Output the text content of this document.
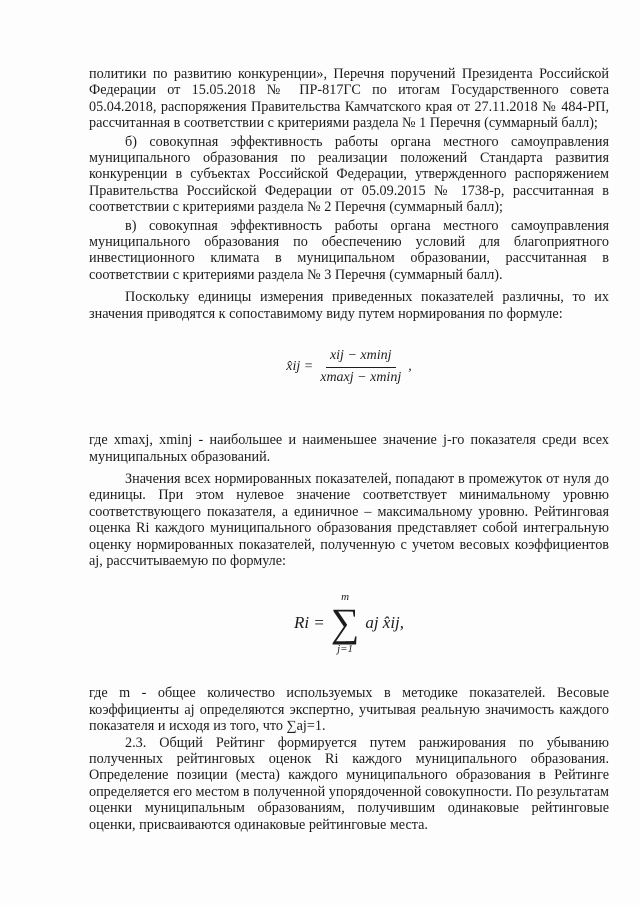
политики по развитию конкуренции», Перечня поручений Президента Российской Федерации от 15.05.2018 № ПР-817ГС по итогам Государственного совета 05.04.2018, распоряжения Правительства Камчатского края от 27.11.2018 № 484-РП, рассчитанная в соответствии с критериями раздела № 1 Перечня (суммарный балл);

б) совокупная эффективность работы органа местного самоуправления муниципального образования по реализации положений Стандарта развития конкуренции в субъектах Российской Федерации, утвержденного распоряжением Правительства Российской Федерации от 05.09.2015 № 1738-р, рассчитанная в соответствии с критериями раздела № 2 Перечня (суммарный балл);

в) совокупная эффективность работы органа местного самоуправления муниципального образования по обеспечению условий для благоприятного инвестиционного климата в муниципальном образовании, рассчитанная в соответствии с критериями раздела № 3 Перечня (суммарный балл).

Поскольку единицы измерения приведенных показателей различны, то их значения приводятся к сопоставимому виду путем нормирования по формуле:

x̂ij = $\frac{\text{xij − xminj}}{xmaxj - xminj}$ ,

где xmaxj, xminj - наибольшее и наименьшее значение j-го показателя среди всех муниципальных образований.

Значения всех нормированных показателей, попадают в промежуток от нуля до единицы. При этом нулевое значение соответствует минимальному уровню соответствующего показателя, а единичное – максимальному уровню. Рейтинговая оценка Ri каждого муниципального образования представляет собой интегральную оценку нормированных показателей, полученную с учетом весовых коэффициентов aj, рассчитываемую по формуле:

Ri =
m
∑
j=1
aj x̂ij,

где m - общее количество используемых в методике показателей. Весовые коэффициенты aj определяются экспертно, учитывая реальную значимость каждого показателя и исходя из того, что ∑aj=1.

2.3. Общий Рейтинг формируется путем ранжирования по убыванию полученных рейтинговых оценок Ri каждого муниципального образования. Определение позиции (места) каждого муниципального образования в Рейтинге определяется его местом в полученной упорядоченной совокупности. По результатам оценки муниципальным образованиям, получившим одинаковые рейтинговые оценки, присваиваются одинаковые рейтинговые места.
